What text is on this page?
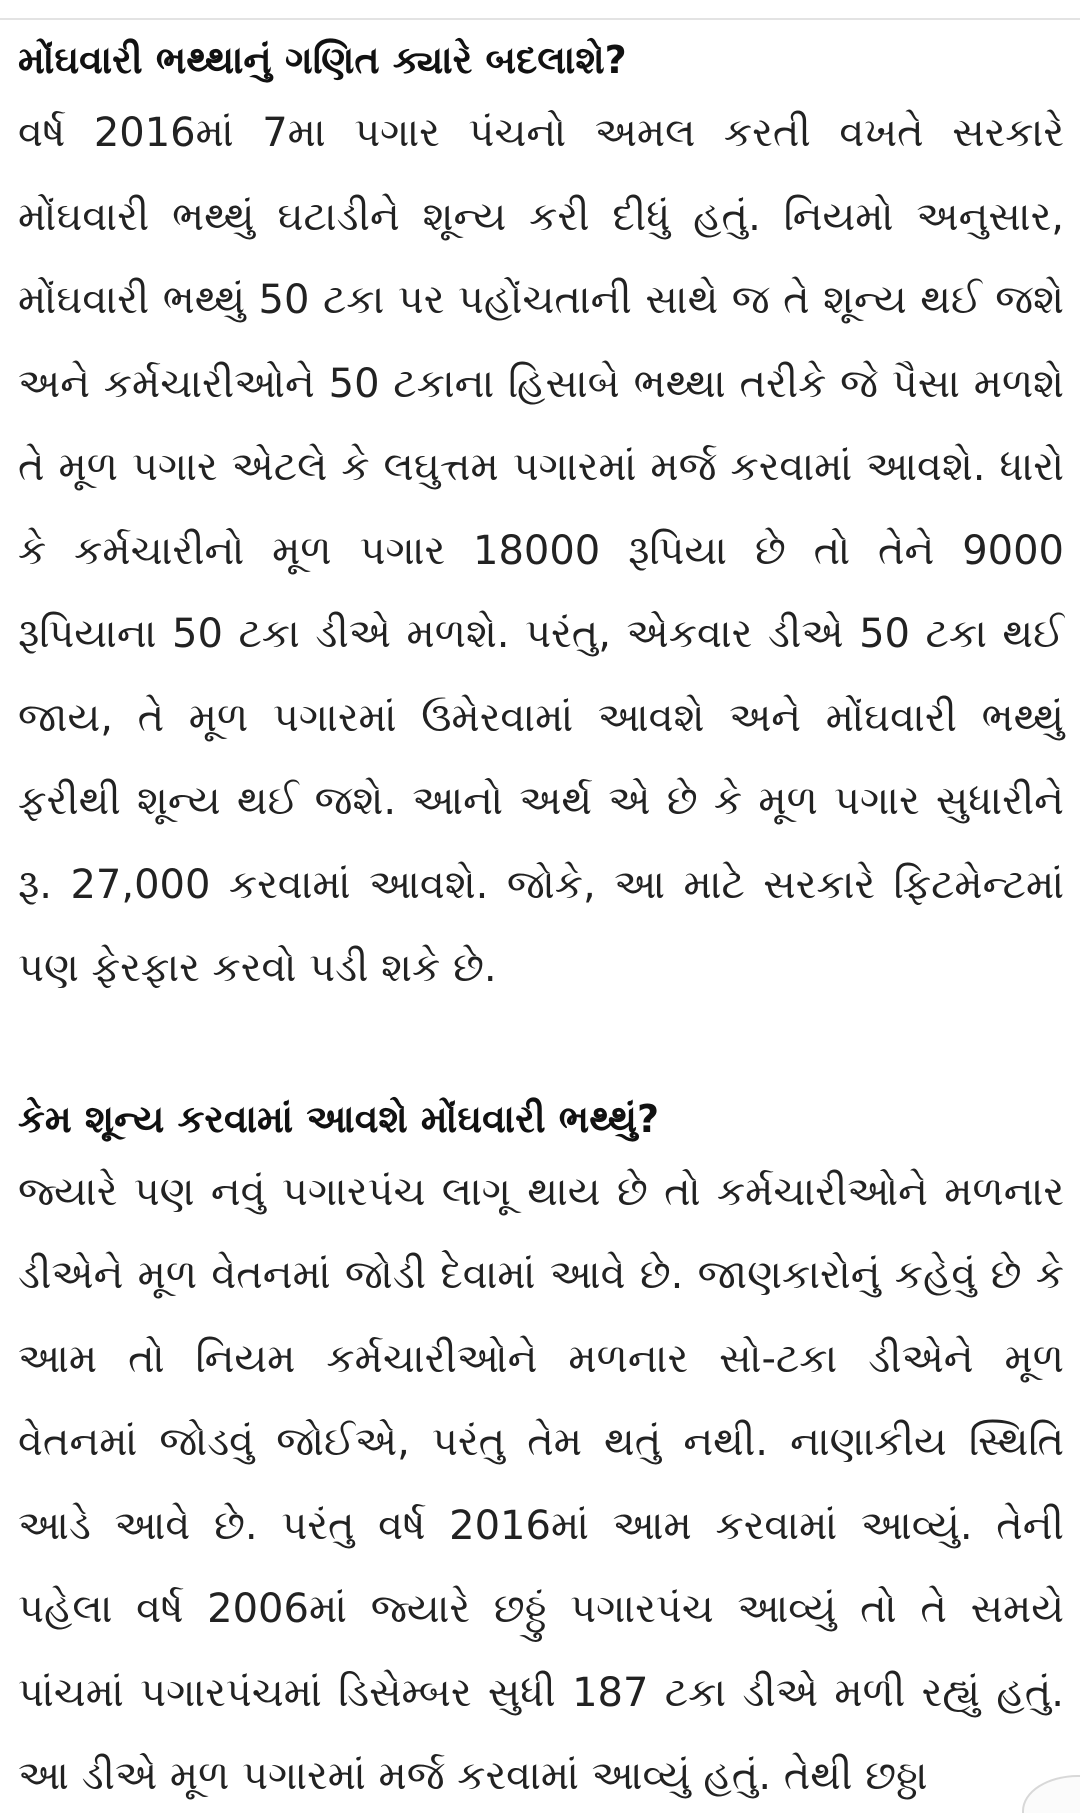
મોંઘવારી ભથ્થાનું ગણિત ક્યારે બદલાશે?

વર્ષ 2016માં 7મા પગાર પંચનો અમલ કરતી વખતે સરકારે મોંઘવારી ભથ્થું ઘટાડીને શૂન્ય કરી દીધું હતું. નિયમો અનુસાર, મોંઘવારી ભથ્થું 50 ટકા પર પહોંચતાની સાથે જ તે શૂન્ય થઈ જશે અને કર્મચારીઓને 50 ટકાના હિસાબે ભથ્થા તરીકે જે પૈસા મળશે તે મૂળ પગાર એટલે કે લઘુત્તમ પગારમાં મર્જ કરવામાં આવશે. ધારો કે કર્મચારીનો મૂળ પગાર 18000 રૂપિયા છે તો તેને 9000 રૂપિયાના 50 ટકા ડીએ મળશે. પરંતુ, એકવાર ડીએ 50 ટકા થઈ જાય, તે મૂળ પગારમાં ઉમેરવામાં આવશે અને મોંઘવારી ભથ્થું ફરીથી શૂન્ય થઈ જશે. આનો અર્થ એ છે કે મૂળ પગાર સુધારીને રૂ. 27,000 કરવામાં આવશે. જોકે, આ માટે સરકારે ફિટમેન્ટમાં પણ ફેરફાર કરવો પડી શકે છે.

કેમ શૂન્ય કરવામાં આવશે મોંઘવારી ભથ્થું?

જ્યારે પણ નવું પગારપંચ લાગૂ થાય છે તો કર્મચારીઓને મળનાર ડીએને મૂળ વેતનમાં જોડી દેવામાં આવે છે. જાણકારોનું કહેવું છે કે આમ તો નિયમ કર્મચારીઓને મળનાર સો-ટકા ડીએને મૂળ વેતનમાં જોડવું જોઈએ, પરંતુ તેમ થતું નથી. નાણાકીય સ્થિતિ આડે આવે છે. પરંતુ વર્ષ 2016માં આમ કરવામાં આવ્યું. તેની પહેલા વર્ષ 2006માં જ્યારે છઠ્ઠું પગારપંચ આવ્યું તો તે સમયે પાંચમાં પગારપંચમાં ડિસેમ્બર સુધી 187 ટકા ડીએ મળી રહ્યું હતું. આ ડીએ મૂળ પગારમાં મર્જ કરવામાં આવ્યું હતું. તેથી છઠ્ઠા
